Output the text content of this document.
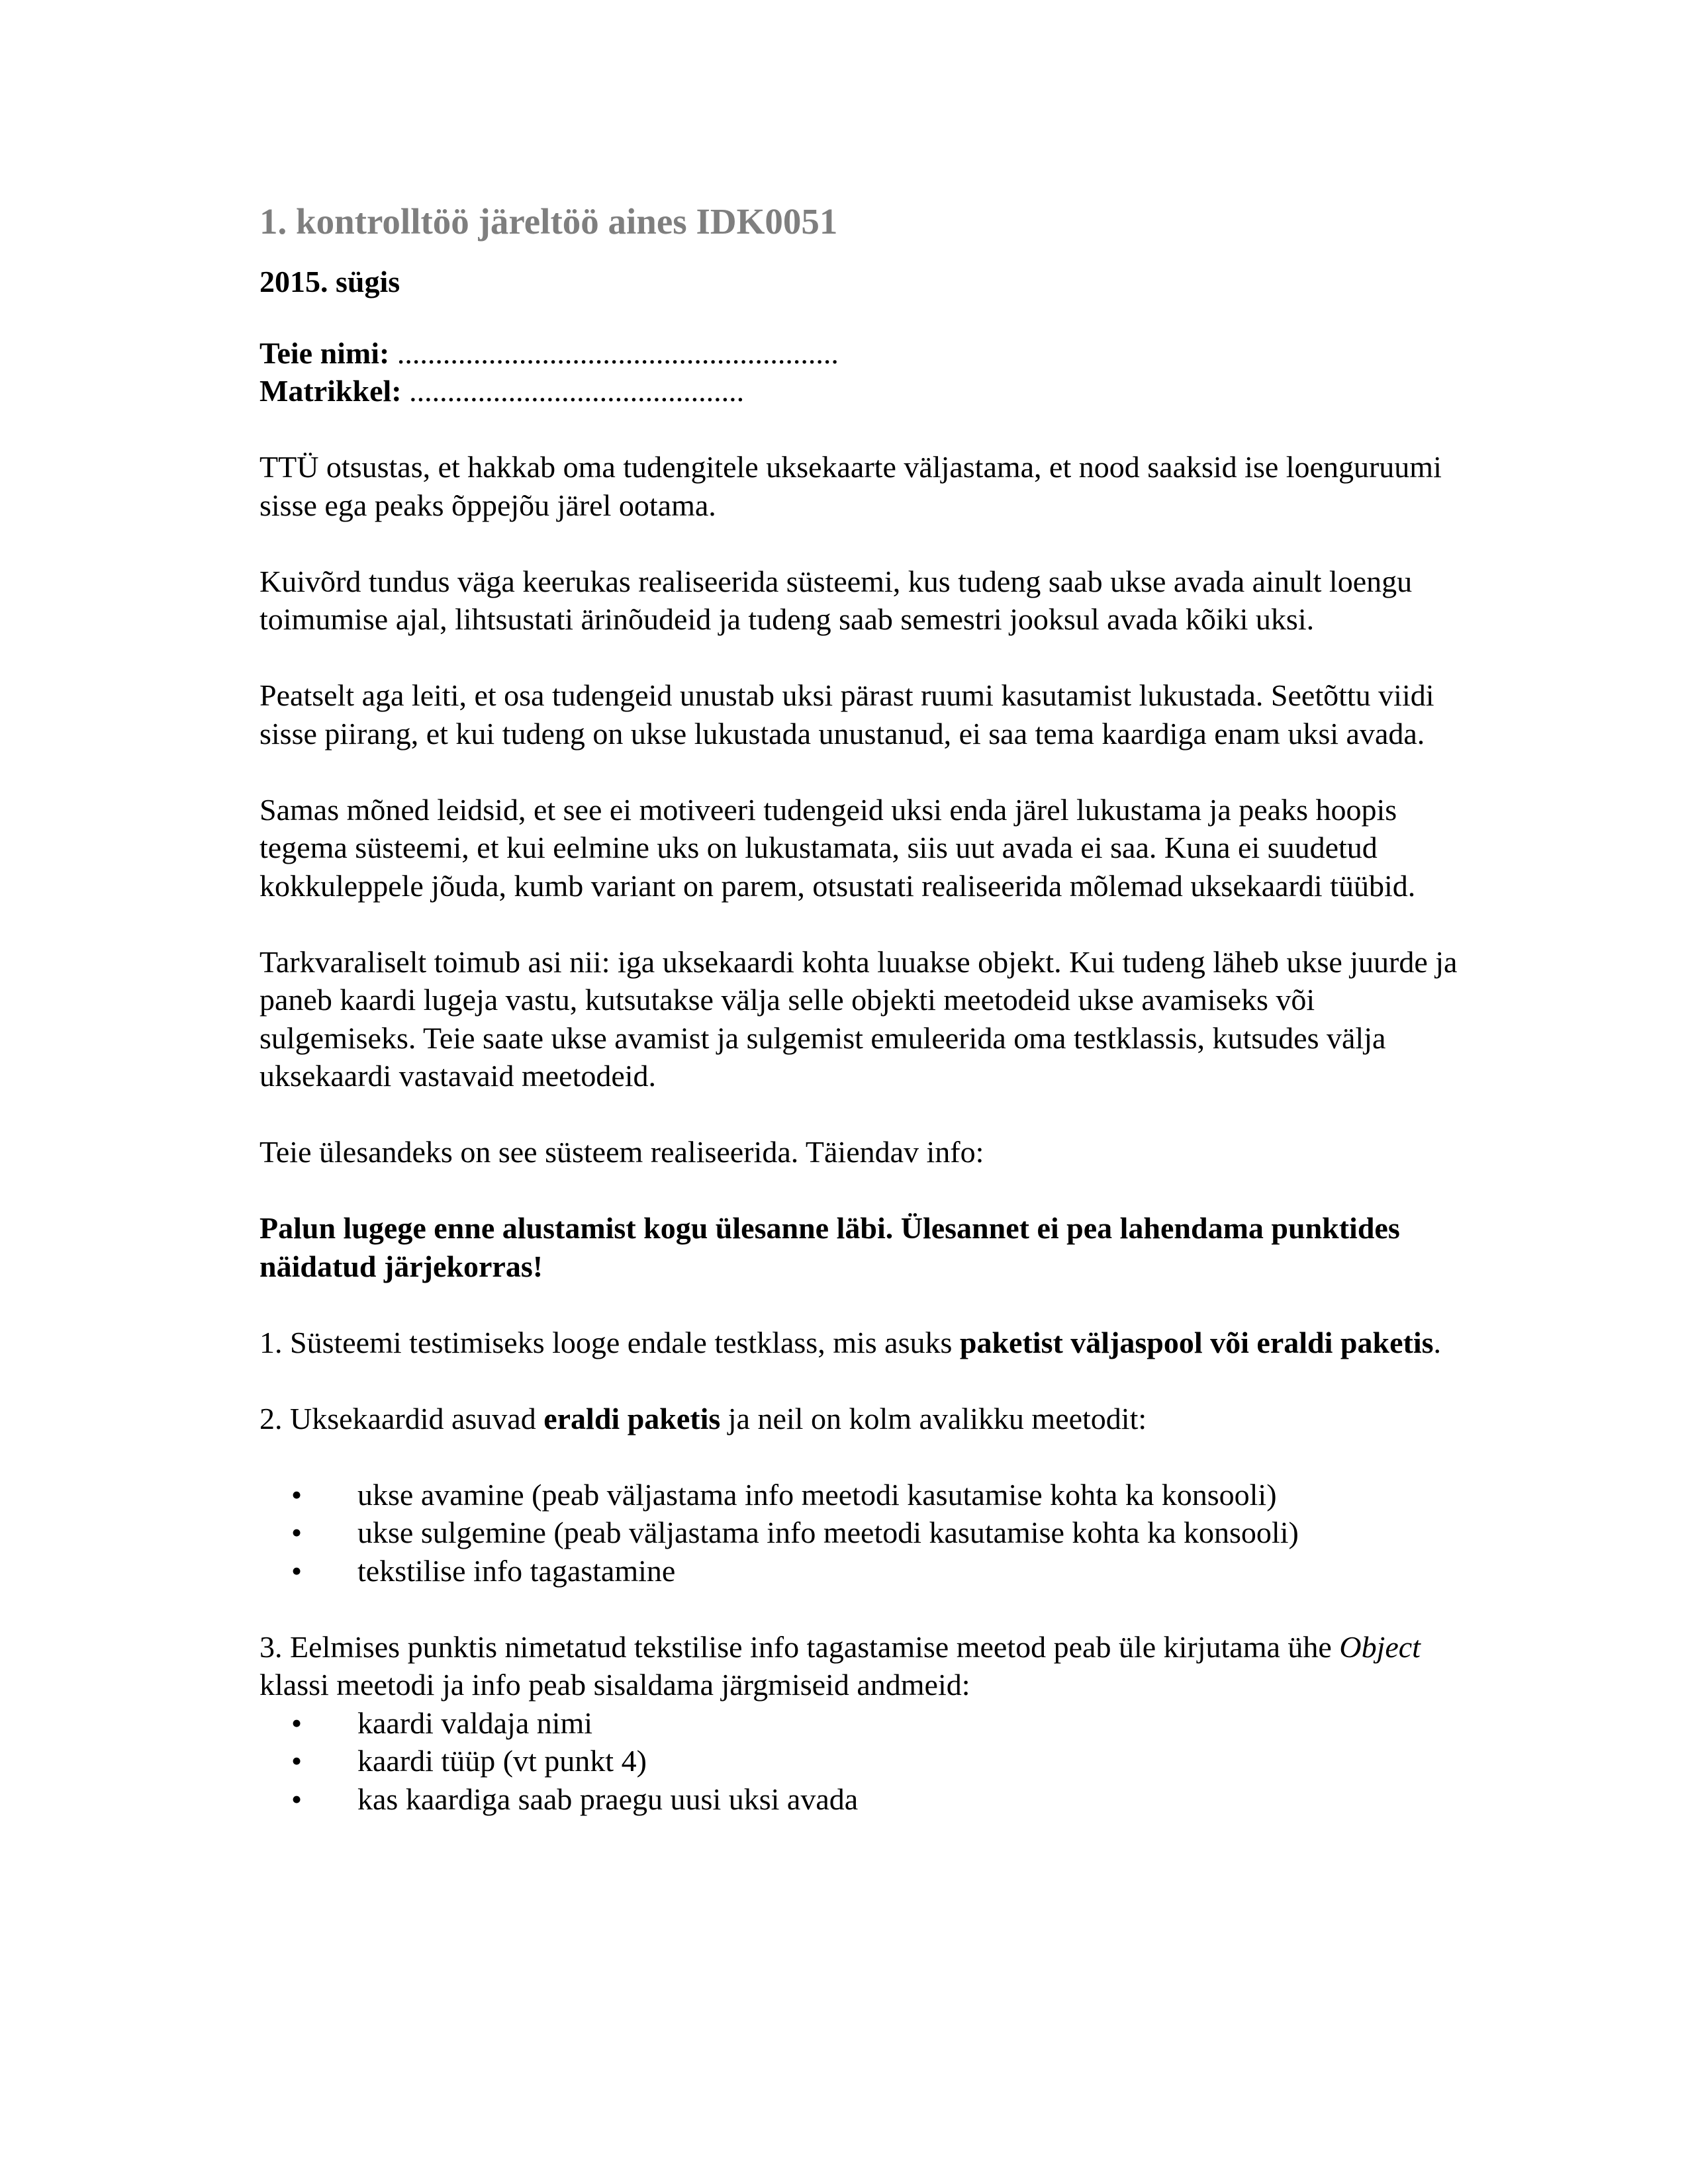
1. kontrolltöö järeltöö aines IDK0051
2015. sügis
Teie nimi: ..........................................................
Matrikkel: ............................................

TTÜ otsustas, et hakkab oma tudengitele uksekaarte väljastama, et nood saaksid ise loenguruumi sisse ega peaks õppejõu järel ootama.

Kuivõrd tundus väga keerukas realiseerida süsteemi, kus tudeng saab ukse avada ainult loengu toimumise ajal, lihtsustati ärinõudeid ja tudeng saab semestri jooksul avada kõiki uksi.

Peatselt aga leiti, et osa tudengeid unustab uksi pärast ruumi kasutamist lukustada. Seetõttu viidi sisse piirang, et kui tudeng on ukse lukustada unustanud, ei saa tema kaardiga enam uksi avada.

Samas mõned leidsid, et see ei motiveeri tudengeid uksi enda järel lukustama ja peaks hoopis tegema süsteemi, et kui eelmine uks on lukustamata, siis uut avada ei saa. Kuna ei suudetud kokkuleppele jõuda, kumb variant on parem, otsustati realiseerida mõlemad uksekaardi tüübid.

Tarkvaraliselt toimub asi nii: iga uksekaardi kohta luuakse objekt. Kui tudeng läheb ukse juurde ja paneb kaardi lugeja vastu, kutsutakse välja selle objekti meetodeid ukse avamiseks või sulgemiseks. Teie saate ukse avamist ja sulgemist emuleerida oma testklassis, kutsudes välja uksekaardi vastavaid meetodeid.

Teie ülesandeks on see süsteem realiseerida. Täiendav info:

Palun lugege enne alustamist kogu ülesanne läbi. Ülesannet ei pea lahendama punktides näidatud järjekorras!

1. Süsteemi testimiseks looge endale testklass, mis asuks paketist väljaspool või eraldi paketis.

2. Uksekaardid asuvad eraldi paketis ja neil on kolm avalikku meetodit:

• ukse avamine (peab väljastama info meetodi kasutamise kohta ka konsooli)
• ukse sulgemine (peab väljastama info meetodi kasutamise kohta ka konsooli)
• tekstilise info tagastamine

3. Eelmises punktis nimetatud tekstilise info tagastamise meetod peab üle kirjutama ühe Object klassi meetodi ja info peab sisaldama järgmiseid andmeid:

• kaardi valdaja nimi
• kaardi tüüp (vt punkt 4)
• kas kaardiga saab praegu uusi uksi avada
